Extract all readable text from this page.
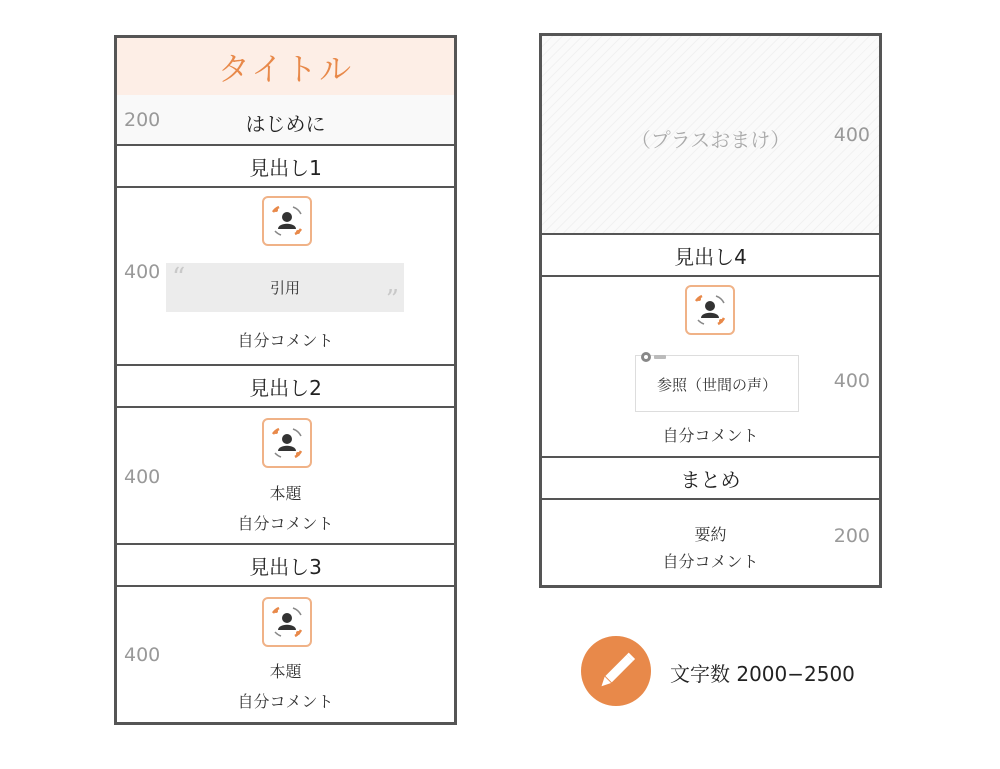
タイトル
200	はじめに
見出し1
400 “	引用	”
自分コメント
見出し2
400
本題
自分コメント
見出し3
400
本題
自分コメント
（プラスおまけ）	400
見出し4
参照（世間の声）	400
自分コメント
まとめ
要約	200
自分コメント
文字数 2000−2500
